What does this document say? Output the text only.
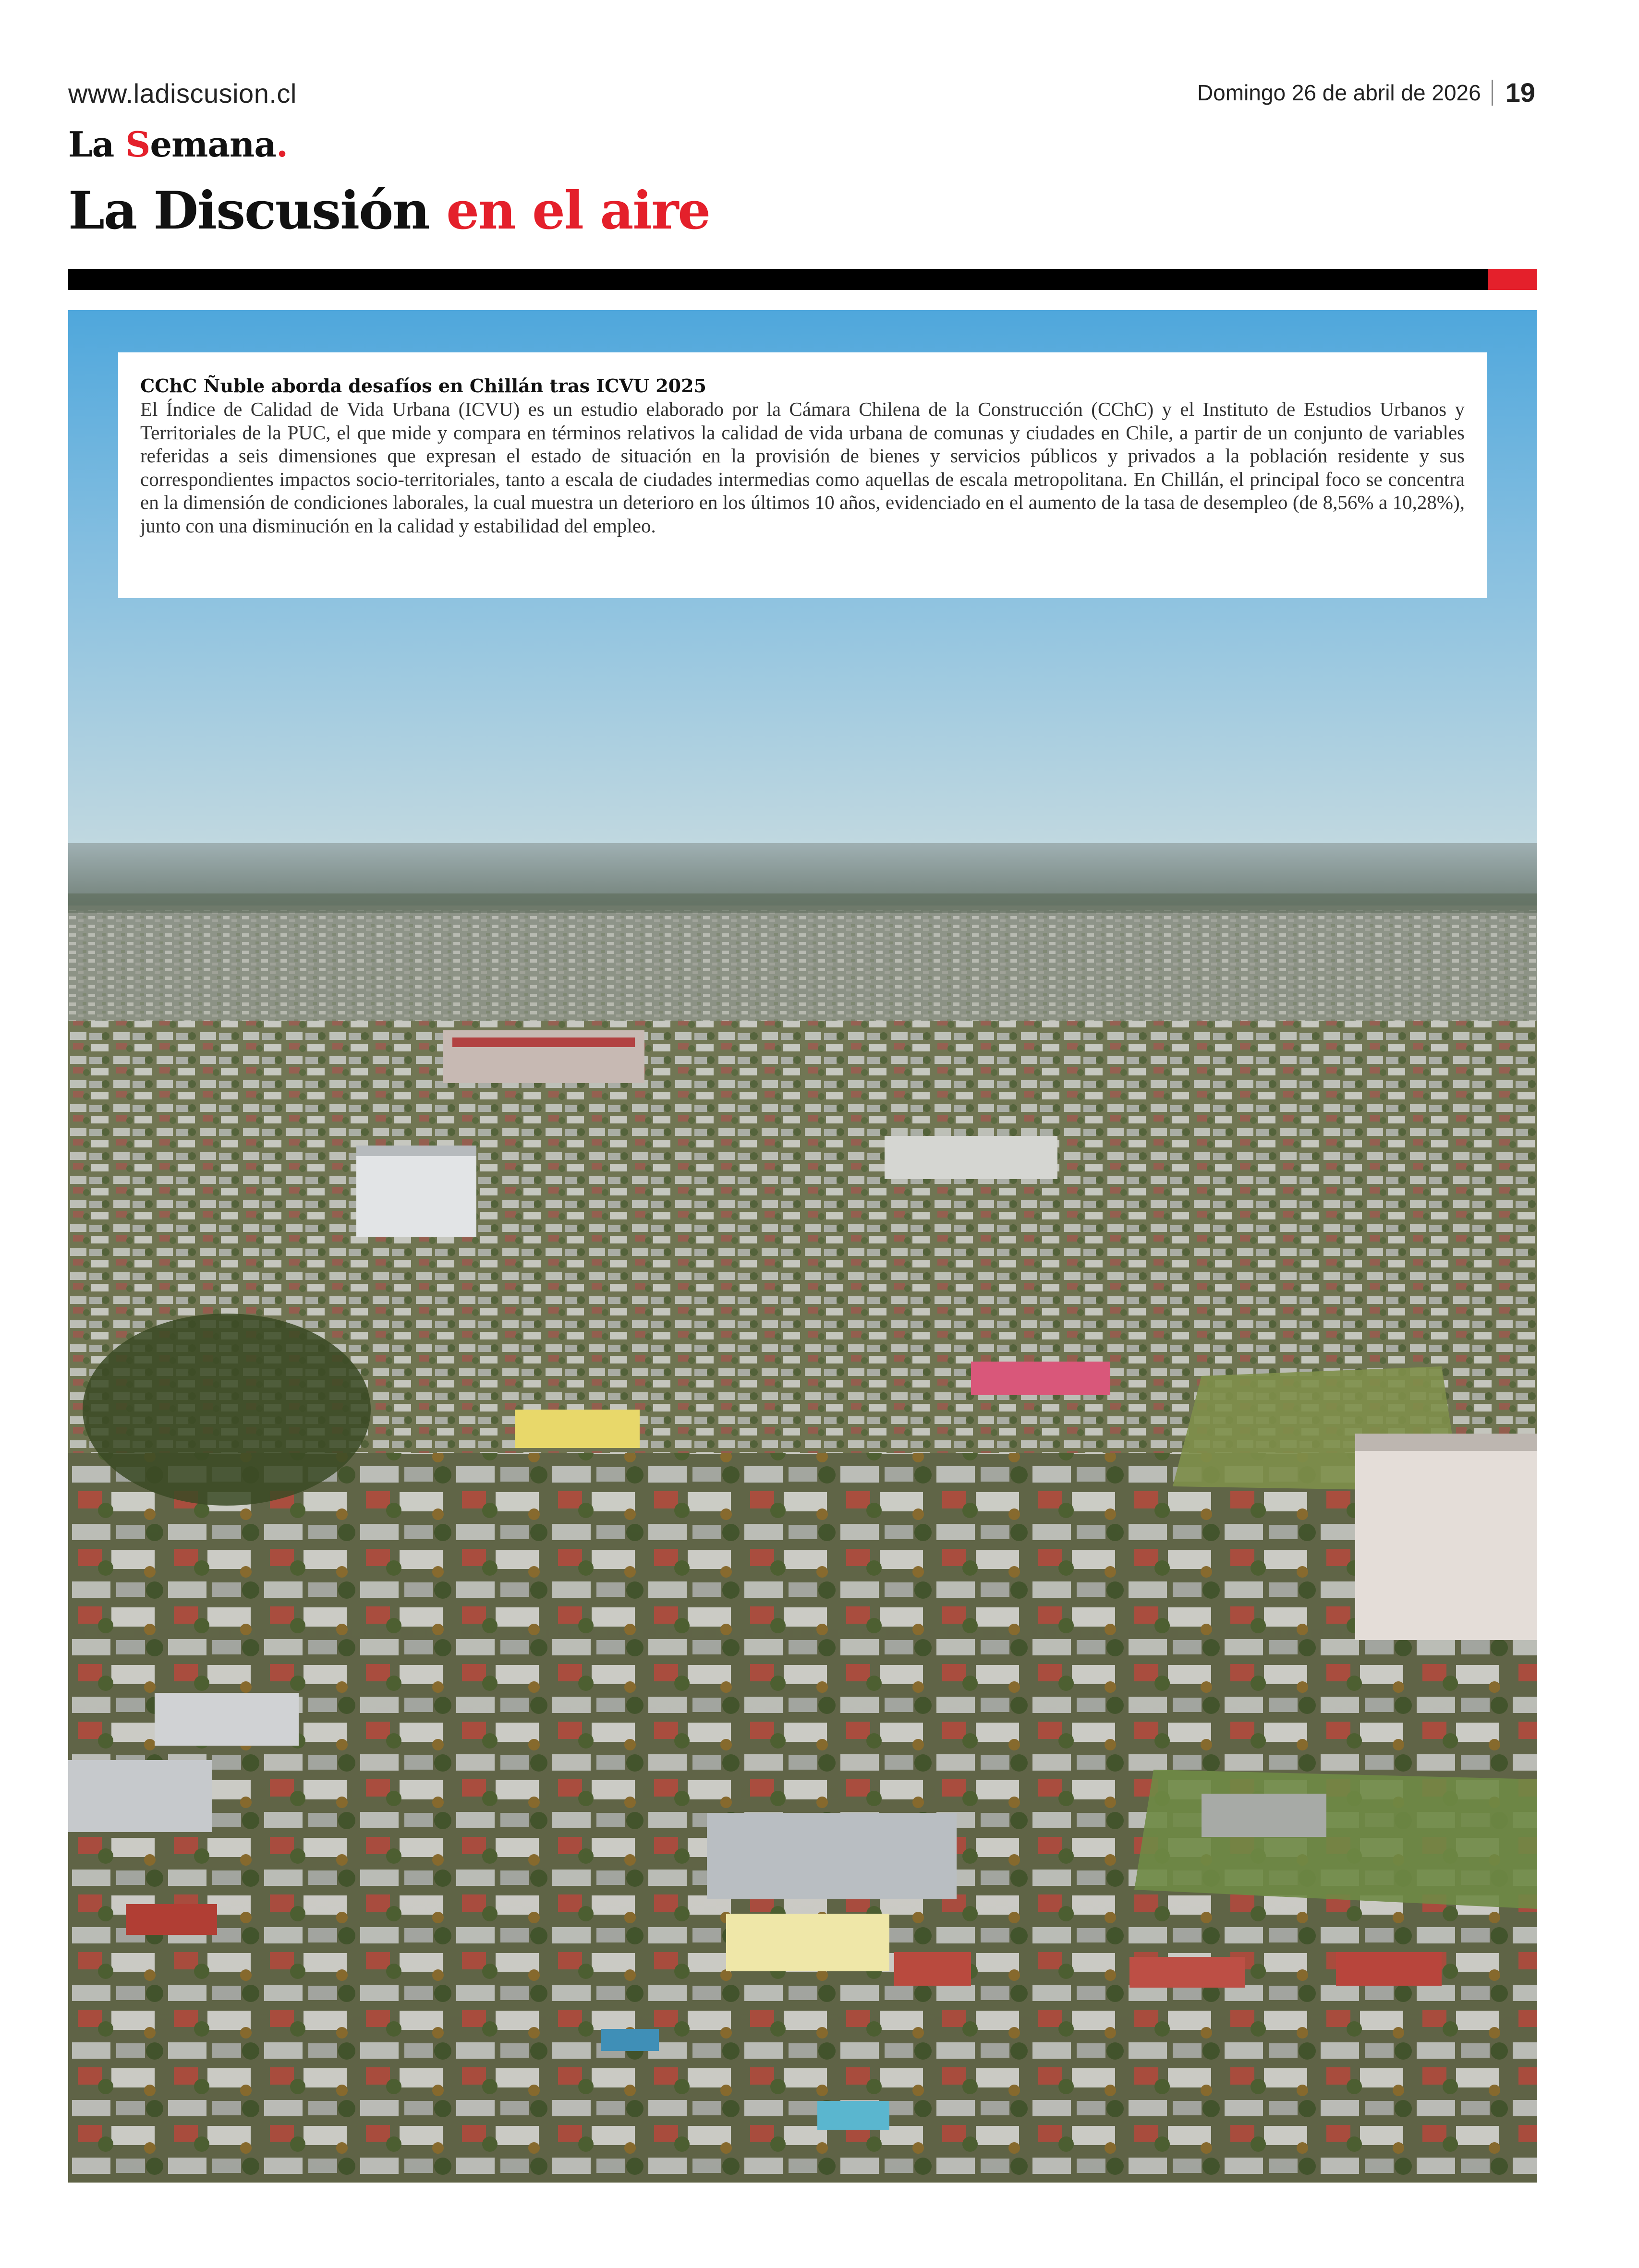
www.ladiscusion.cl	Domingo 26 de abril de 2026 19
La Semana.
La Discusión en el aire
CChC Ñuble aborda desafíos en Chillán tras ICVU 2025
El Índice de Calidad de Vida Urbana (ICVU) es un estudio elaborado por la Cámara Chilena de la Construcción (CChC) y el Instituto de Estudios Urbanos y Territoriales de la PUC, el que mide y compara en términos relativos la calidad de vida urbana de comunas y ciudades en Chile, a partir de un conjunto de variables referidas a seis dimensiones que expresan el estado de situación en la provisión de bienes y servicios públicos y privados a la población residente y sus correspondientes impactos socio-territoriales, tanto a escala de ciudades intermedias como aquellas de escala metropolitana. En Chillán, el principal foco se concentra en la dimensión de condiciones laborales, la cual muestra un deterioro en los últimos 10 años, evidenciado en el aumento de la tasa de desempleo (de 8,56% a 10,28%), junto con una disminución en la calidad y estabilidad del empleo.
